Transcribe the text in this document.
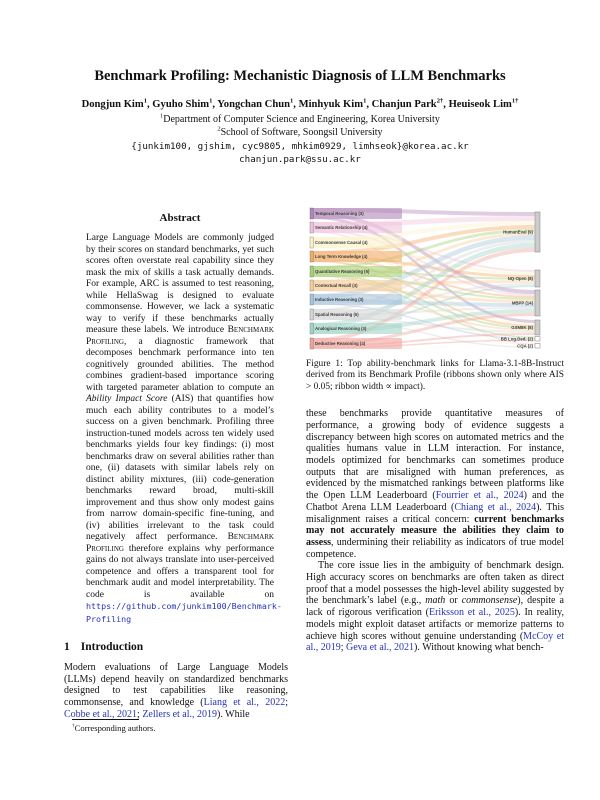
Benchmark Profiling: Mechanistic Diagnosis of LLM Benchmarks
Dongjun Kim$^1$, Gyuho Shim$^1$, Yongchan Chun$^1$, Minhyuk Kim$^1$, Chanjun Park$^{2\dagger}$, Heuiseok Lim$^{1\dagger}$
$^1$Department of Computer Science and Engineering, Korea University
$^2$School of Software, Soongsil University
{junkim100, gjshim, cyc9805, mhkim0929, limhseok}@korea.ac.kr
chanjun.park@ssu.ac.kr
Abstract
Large Language Models are commonly judged by their scores on standard benchmarks, yet such scores often overstate real capability since they mask the mix of skills a task actually demands. For example, ARC is assumed to test reasoning, while HellaSwag is designed to evaluate commonsense. However, we lack a systematic way to verify if these benchmarks actually measure these labels. We introduce Benchmark Profiling, a diagnostic framework that decomposes benchmark performance into ten cognitively grounded abilities. The method combines gradient-based importance scoring with targeted parameter ablation to compute an Ability Impact Score (AIS) that quantifies how much each ability contributes to a model’s success on a given benchmark. Profiling three instruction-tuned models across ten widely used benchmarks yields four key findings: (i) most benchmarks draw on several abilities rather than one, (ii) datasets with similar labels rely on distinct ability mixtures, (iii) code-generation benchmarks reward broad, multi-skill improvement and thus show only modest gains from narrow domain-specific fine-tuning, and (iv) abilities irrelevant to the task could negatively affect performance. Benchmark Profiling therefore explains why performance gains do not always translate into user-perceived competence and offers a transparent tool for benchmark audit and model interpretability. The code is available on https://github.com/junkim100/Benchmark-Profiling
1 Introduction
Modern evaluations of Large Language Models (LLMs) depend heavily on standardized benchmarks designed to test capabilities like reasoning, commonsense, and knowledge (Liang et al., 2022; Cobbe et al., 2021; Zellers et al., 2019). While
†Corresponding authors.
Temporal Reasoning (3)
Semantic Relationship (4)
Commonsense Causal (4)
Long Term Knowledge (4)
Quantitative Reasoning (5)
Contextual Recall (4)
Inductive Reasoning (3)
Spatial Reasoning (5)
Analogical Reasoning (3)
Deductive Reasoning (4)
HumanEval (9)
NQ-Open (8)
MBPP (14)
GSM8K (8)
BB Log.Ded. (2)
CQA (2)
Figure 1: Top ability-benchmark links for Llama-3.1-8B-Instruct derived from its Benchmark Profile (ribbons shown only where AIS > 0.05; ribbon width ∝ impact).
these benchmarks provide quantitative measures of performance, a growing body of evidence suggests a discrepancy between high scores on automated metrics and the qualities humans value in LLM interaction. For instance, models optimized for benchmarks can sometimes produce outputs that are misaligned with human preferences, as evidenced by the mismatched rankings between platforms like the Open LLM Leaderboard (Fourrier et al., 2024) and the Chatbot Arena LLM Leaderboard (Chiang et al., 2024). This misalignment raises a critical concern: current benchmarks may not accurately measure the abilities they claim to assess, undermining their reliability as indicators of true model competence.
The core issue lies in the ambiguity of benchmark design. High accuracy scores on benchmarks are often taken as direct proof that a model possesses the high-level ability suggested by the benchmark’s label (e.g., math or commonsense), despite a lack of rigorous verification (Eriksson et al., 2025). In reality, models might exploit dataset artifacts or memorize patterns to achieve high scores without genuine understanding (McCoy et al., 2019; Geva et al., 2021). Without knowing what bench-
